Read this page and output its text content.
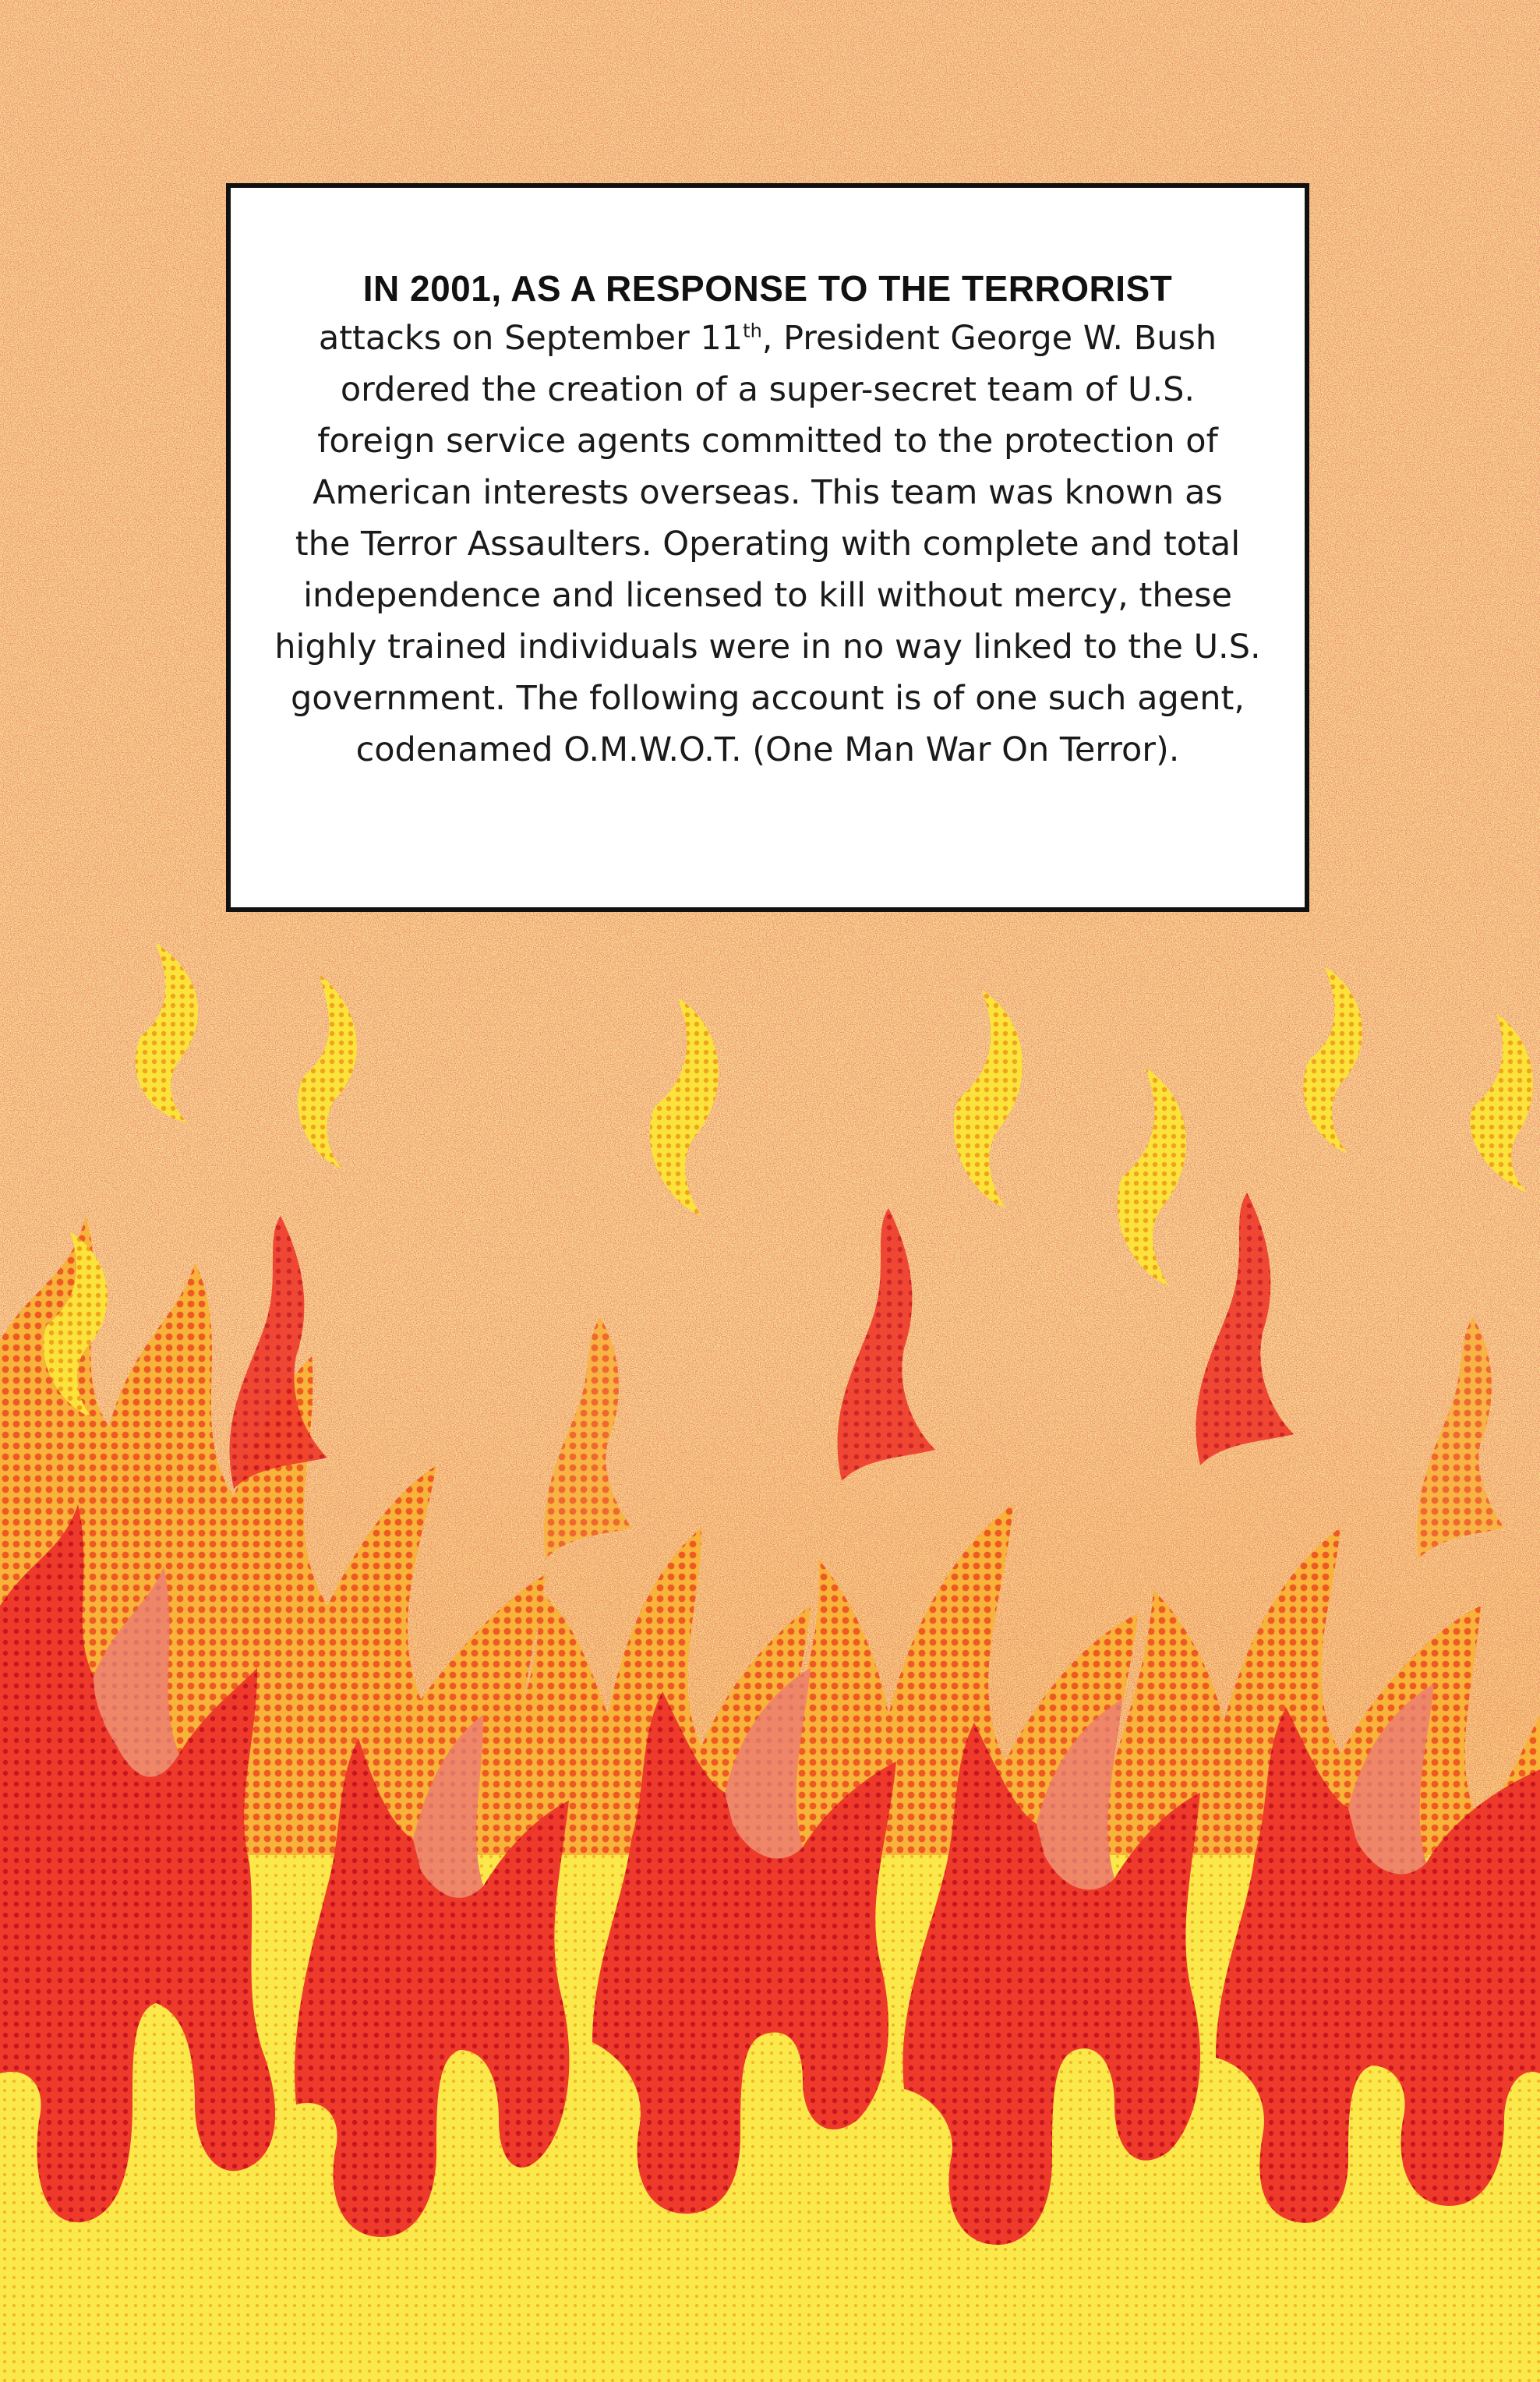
IN 2001, AS A RESPONSE TO THE TERRORIST

attacks on September 11th, President George W. Bush
ordered the creation of a super-secret team of U.S.
foreign service agents committed to the protection of
American interests overseas. This team was known as
the Terror Assaulters. Operating with complete and total
independence and licensed to kill without mercy, these
highly trained individuals were in no way linked to the U.S.
government. The following account is of one such agent,
codenamed O.M.W.O.T. (One Man War On Terror).
